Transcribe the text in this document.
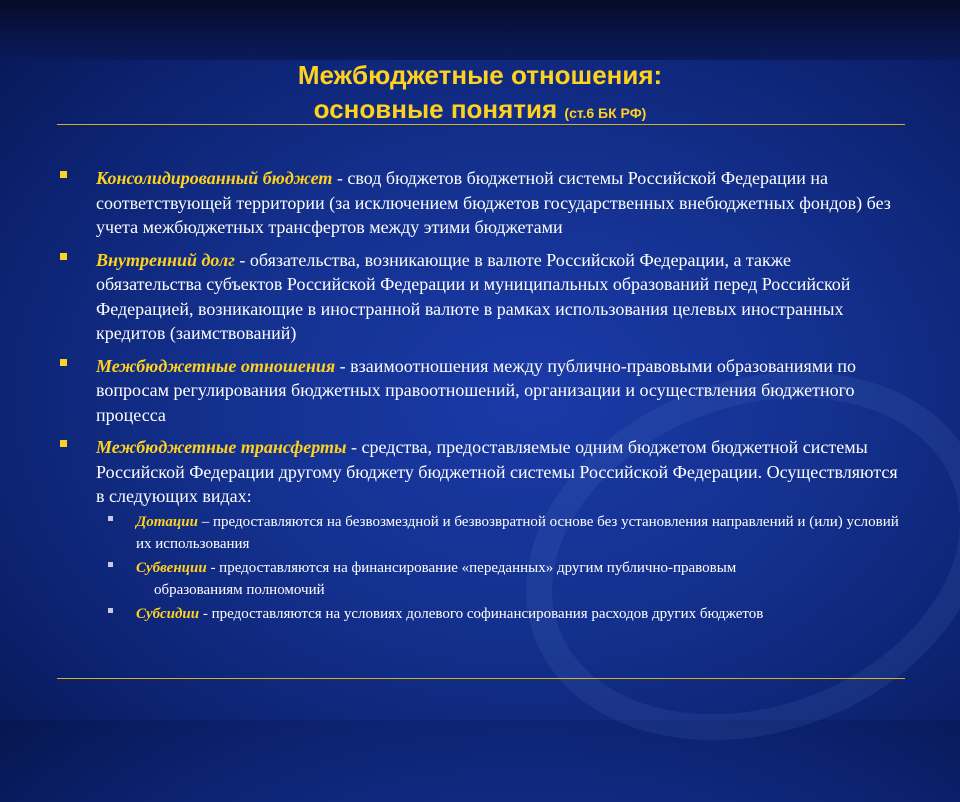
Межбюджетные отношения:
основные понятия (ст.6 БК РФ)
Консолидированный бюджет - свод бюджетов бюджетной системы Российской Федерации на соответствующей территории (за исключением бюджетов государственных внебюджетных фондов) без учета межбюджетных трансфертов между этими бюджетами
Внутренний долг - обязательства, возникающие в валюте Российской Федерации, а также обязательства субъектов Российской Федерации и муниципальных образований перед Российской Федерацией, возникающие в иностранной валюте в рамках использования целевых иностранных кредитов (заимствований)
Межбюджетные отношения - взаимоотношения между публично-правовыми образованиями по вопросам регулирования бюджетных правоотношений, организации и осуществления бюджетного процесса
Межбюджетные трансферты - средства, предоставляемые одним бюджетом бюджетной системы Российской Федерации другому бюджету бюджетной системы Российской Федерации. Осуществляются в следующих видах:
Дотации – предоставляются на безвозмездной и безвозвратной основе без установления направлений и (или) условий их использования
Субвенции - предоставляются на финансирование «переданных» другим публично-правовым
образованиям полномочий
Субсидии - предоставляются на условиях долевого софинансирования расходов других бюджетов
